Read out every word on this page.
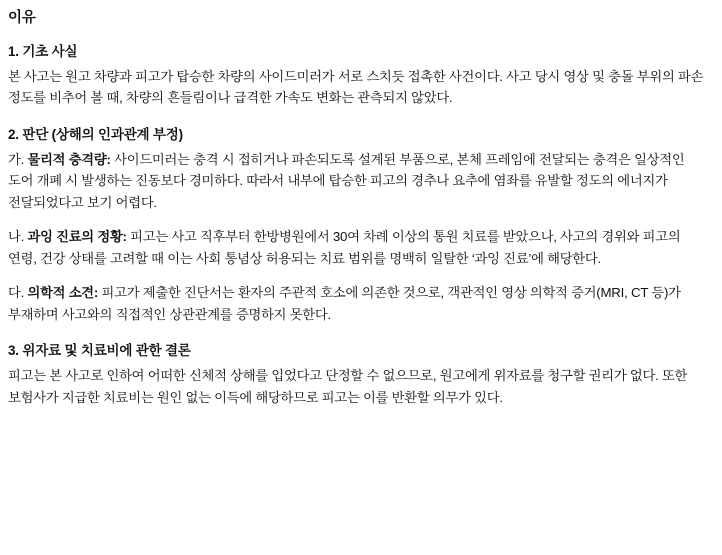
이유
1. 기초 사실

본 사고는 원고 차량과 피고가 탑승한 차량의 사이드미러가 서로 스치듯 접촉한 사건이다. 사고 당시 영상 및 충돌 부위의 파손 정도를 비추어 볼 때, 차량의 흔들림이나 급격한 가속도 변화는 관측되지 않았다.

2. 판단 (상해의 인과관계 부정)

가. 물리적 충격량: 사이드미러는 충격 시 접히거나 파손되도록 설계된 부품으로, 본체 프레임에 전달되는 충격은 일상적인 도어 개폐 시 발생하는 진동보다 경미하다. 따라서 내부에 탑승한 피고의 경추나 요추에 염좌를 유발할 정도의 에너지가 전달되었다고 보기 어렵다.

나. 과잉 진료의 정황: 피고는 사고 직후부터 한방병원에서 30여 차례 이상의 통원 치료를 받았으나, 사고의 경위와 피고의 연령, 건강 상태를 고려할 때 이는 사회 통념상 허용되는 치료 범위를 명백히 일탈한 ‘과잉 진료’에 해당한다.

다. 의학적 소견: 피고가 제출한 진단서는 환자의 주관적 호소에 의존한 것으로, 객관적인 영상 의학적 증거(MRI, CT 등)가 부재하며 사고와의 직접적인 상관관계를 증명하지 못한다.

3. 위자료 및 치료비에 관한 결론

피고는 본 사고로 인하여 어떠한 신체적 상해를 입었다고 단정할 수 없으므로, 원고에게 위자료를 청구할 권리가 없다. 또한 보험사가 지급한 치료비는 원인 없는 이득에 해당하므로 피고는 이를 반환할 의무가 있다.
